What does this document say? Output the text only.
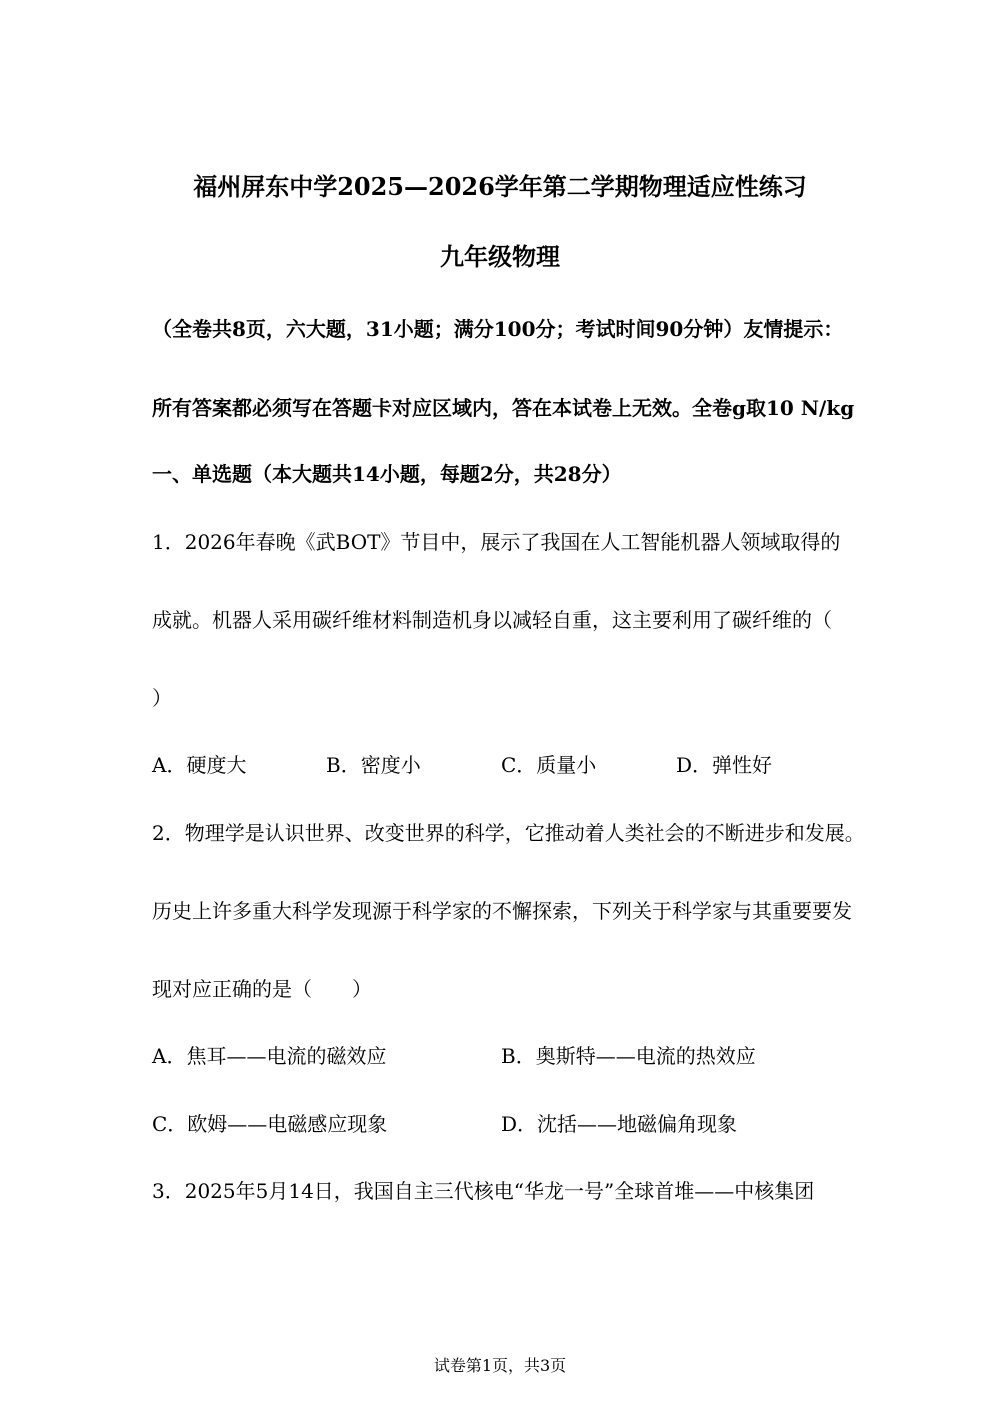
福州屏东中学2025—2026学年第二学期物理适应性练习
九年级物理
（全卷共8页，六大题，31小题；满分100分；考试时间90分钟）友情提示：
所有答案都必须写在答题卡对应区域内，答在本试卷上无效。全卷g取10 N/kg
一、单选题（本大题共14小题，每题2分，共28分）
1．2026年春晚《武BOT》节目中，展示了我国在人工智能机器人领域取得的
成就。机器人采用碳纤维材料制造机身以减轻自重，这主要利用了碳纤维的（
）
A．硬度大	B．密度小	C．质量小	D．弹性好
2．物理学是认识世界、改变世界的科学，它推动着人类社会的不断进步和发展。
历史上许多重大科学发现源于科学家的不懈探索，下列关于科学家与其重要要发
现对应正确的是（　　）
A．焦耳——电流的磁效应	B．奥斯特——电流的热效应
C．欧姆——电磁感应现象	D．沈括——地磁偏角现象
3．2025年5月14日，我国自主三代核电“华龙一号”全球首堆——中核集团
试卷第1页，共3页
